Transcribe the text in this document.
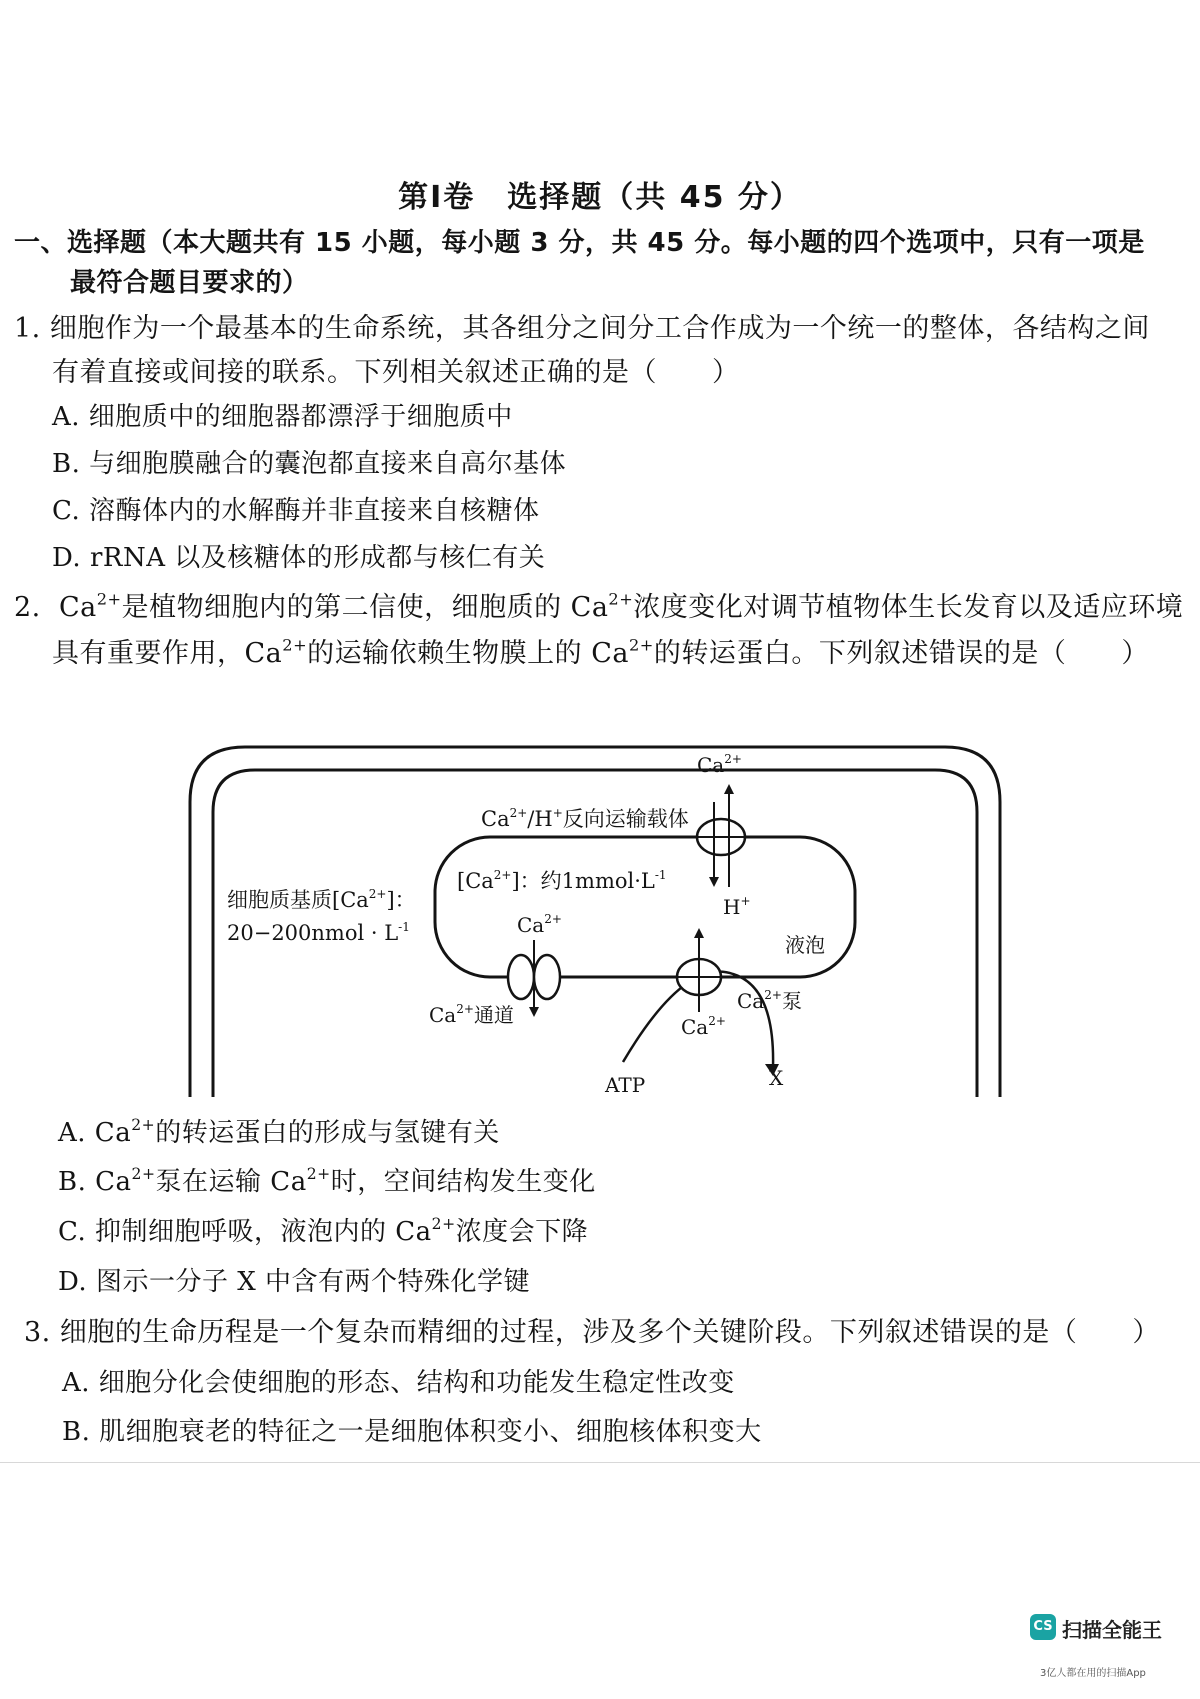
第Ⅰ卷　选择题（共 45 分）
一、选择题（本大题共有 15 小题，每小题 3 分，共 45 分。每小题的四个选项中，只有一项是
最符合题目要求的）
1. 细胞作为一个最基本的生命系统，其各组分之间分工合作成为一个统一的整体，各结构之间
有着直接或间接的联系。下列相关叙述正确的是（　　）
A. 细胞质中的细胞器都漂浮于细胞质中
B. 与细胞膜融合的囊泡都直接来自高尔基体
C. 溶酶体内的水解酶并非直接来自核糖体
D. rRNA 以及核糖体的形成都与核仁有关
2. $Ca^{2+}$是植物细胞内的第二信使，细胞质的 $Ca^{2+}$浓度变化对调节植物体生长发育以及适应环境
具有重要作用，$Ca^{2+}$的运输依赖生物膜上的 $Ca^{2+}$的转运蛋白。下列叙述错误的是（　　）
$Ca^{2+}$
$Ca^{2+}/H^+$反向运输载体
H+
$[Ca^{2+}]$：约$1mmol\cdot L^{-1}$
细胞质基质$[Ca^{2+}]$：
20−200nmol · $L^{-1}$	$Ca^{2+}$
$Ca^{2+}$通道
液泡
$Ca^{2+}$泵
$Ca^{2+}$
ATP	X
A. $Ca^{2+}$的转运蛋白的形成与氢键有关
B. $Ca^{2+}$泵在运输 $Ca^{2+}$时，空间结构发生变化
C. 抑制细胞呼吸，液泡内的 $Ca^{2+}$浓度会下降
D. 图示一分子 X 中含有两个特殊化学键
3. 细胞的生命历程是一个复杂而精细的过程，涉及多个关键阶段。下列叙述错误的是（　　）
A. 细胞分化会使细胞的形态、结构和功能发生稳定性改变
B. 肌细胞衰老的特征之一是细胞体积变小、细胞核体积变大
CS 扫描全能王
3亿人都在用的扫描App
